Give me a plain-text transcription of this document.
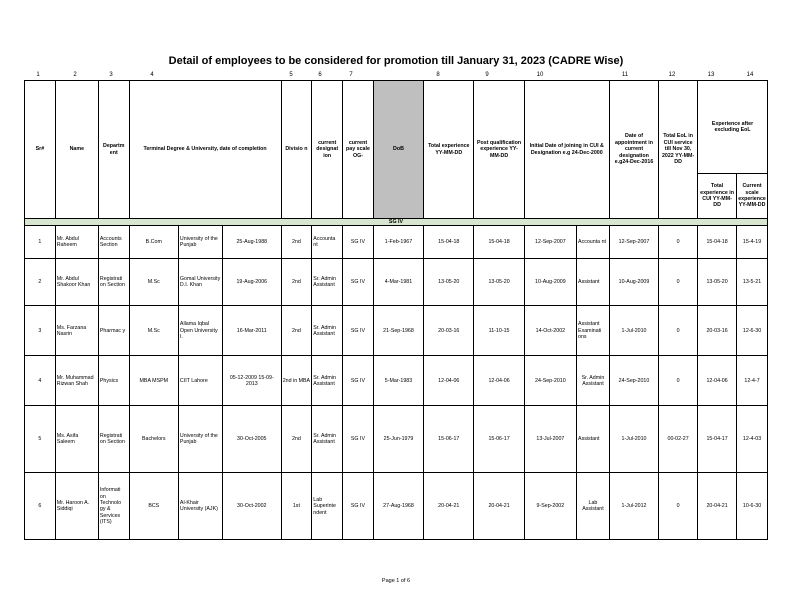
Detail of employees to be considered for promotion till January 31, 2023 (CADRE Wise)
1	2	3	4	5	6	7	8	9	10	11	12	13	14
Sr#	Name	Departm ent	Terminal Degree & University, date of completion			Divisio n	current designat ion	current pay scale OG-	DoB	Total experience YY-MM-DD	Post qualification experience YY-MM-DD	Initial Date of joining in CUI & Designation e.g 24-Dec-2000		Date of appointment in current designation e.g24-Dec-2016	Total EoL in CUI service till Nov 30, 2022 YY-MM-DD	Experience after excluding EoL	
																Total experience in CUI YY-MM-DD	Current scale experience YY-MM-DD
SG IV																	
1	Mr. Abdul Raheem	Accounts Section	B.Com	University of the Punjab	25-Aug-1988	2nd	Accounta nt	SG IV	1-Feb-1967	15-04-18	15-04-18	12-Sep-2007	Accounta nt	12-Sep-2007	0	15-04-18	15-4-19
2	Mr. Abdul Shakoor Khan	Registrati on Section	M.Sc	Gomal University D.I. Khan	19-Aug-2006	2nd	Sr. Admin Assistant	SG IV	4-Mar-1981	13-05-20	13-05-20	10-Aug-2009	Assistant	10-Aug-2009	0	13-05-20	13-5-21
3	Ms. Farzana Nasrin	Pharmac y	M.Sc	Allama Iqbal Open University I.	16-Mar-2011	2nd	Sr. Admin Assistant	SG IV	21-Sep-1968	20-03-16	11-10-15	14-Oct-2002	Assistant Examinati ons	1-Jul-2010	0	20-03-16	12-6-30
4	Mr. Muhammad Rizwan Shah	Physics	MBA MSPM	CIIT Lahore	05-12-2009 15-09-2013	2nd in MBA	Sr. Admin Assistant	SG IV	5-Mar-1983	12-04-06	12-04-06	24-Sep-2010	Sr. Admin Assistant	24-Sep-2010	0	12-04-06	12-4-7
5	Ms. Asifa Saleem	Registrati on Section	Bachelors	University of the Punjab	30-Oct-2005	2nd	Sr. Admin Assistant	SG IV	25-Jun-1979	15-06-17	15-06-17	13-Jul-2007	Assistant	1-Jul-2010	00-02-27	15-04-17	12-4-03
6	Mr. Haroon A. Siddiqi	Informati on Technolo gy & Services (ITS)	BCS	Al-Khair University (AJK)	30-Oct-2002	1st	Lab Superinte ndent	SG IV	27-Aug-1968	20-04-21	20-04-21	9-Sep-2002	Lab Assistant	1-Jul-2012	0	20-04-21	10-6-30
Page 1 of 6
